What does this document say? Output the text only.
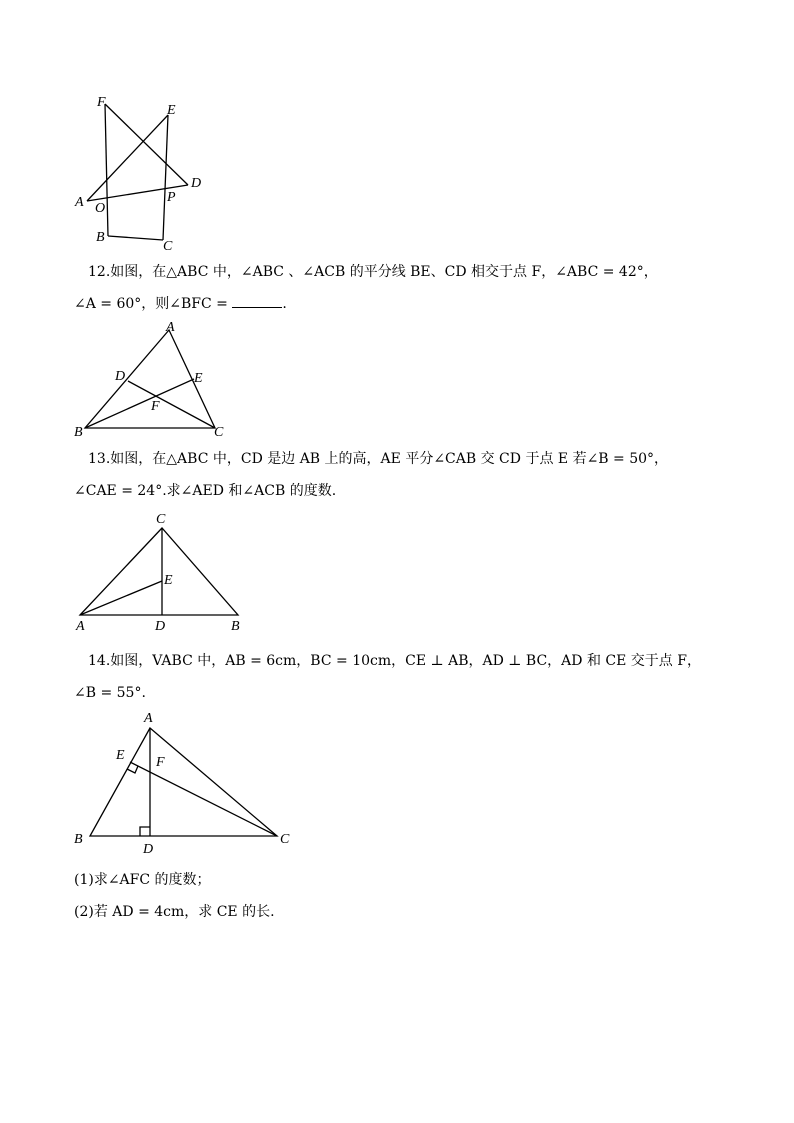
F
E
D
A O
P
B
C
12.如图，在△ABC 中，∠ABC 、∠ACB 的平分线 BE、CD 相交于点 F，∠ABC = 42°，
∠A = 60°，则∠BFC =	.
A
D	E
F
B	C
13.如图，在△ABC 中，CD 是边 AB 上的高，AE 平分∠CAB 交 CD 于点 E 若∠B = 50°，
∠CAE = 24°.求∠AED 和∠ACB 的度数.
C
E
A	D	B
14.如图，VABC 中，AB = 6cm，BC = 10cm，CE ⊥ AB，AD ⊥ BC，AD 和 CE 交于点 F，
∠B = 55°.
A
E F
B
D
C
(1)求∠AFC 的度数；
(2)若 AD = 4cm，求 CE 的长.
